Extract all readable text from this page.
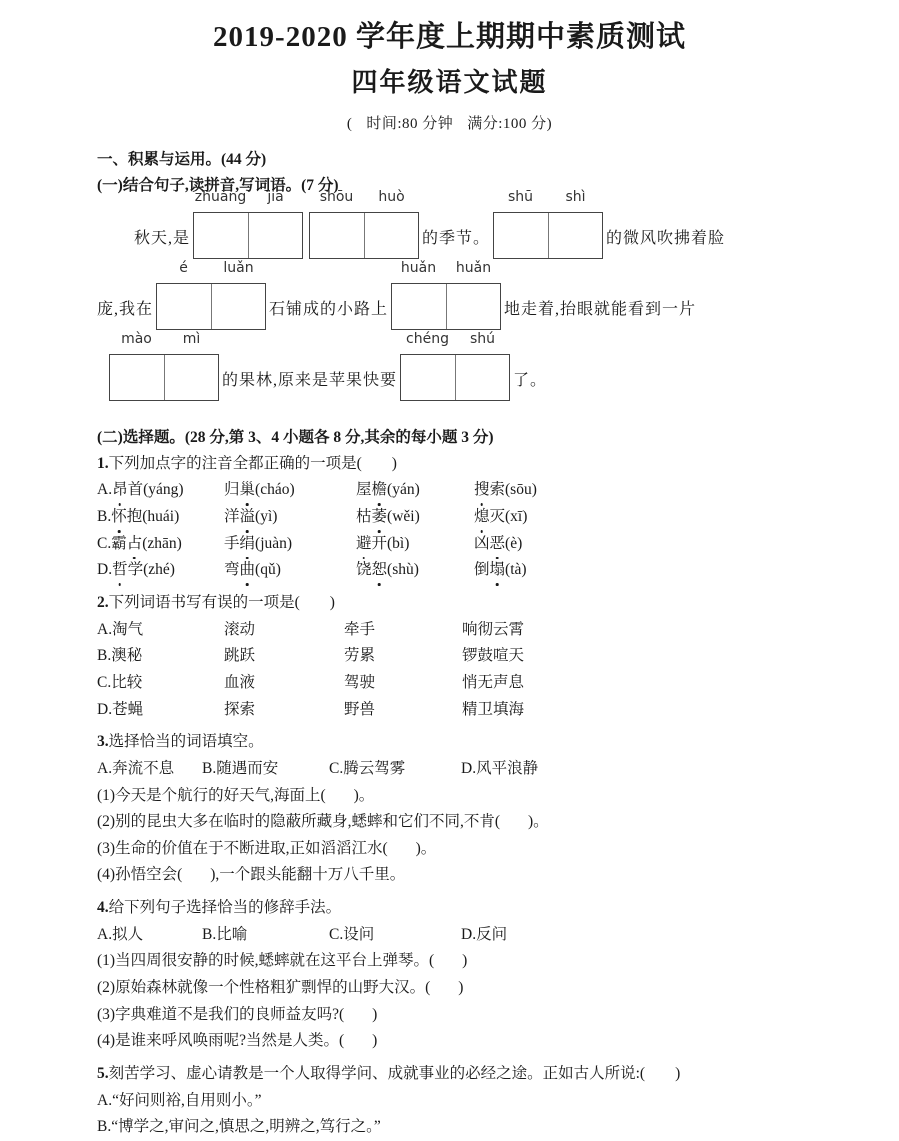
2019-2020 学年度上期期中素质测试
四年级语文试题
( 时间:80 分钟 满分:100 分)
一、积累与运用。(44 分)
(一)结合句子,读拼音,写词语。(7 分)
秋天,是
zhuāng	jia	shōu	huò
的季节。
shū	shì
的微风吹拂着脸
庞,我在
é	luǎn
石铺成的小路上
huǎn	huǎn
地走着,抬眼就能看到一片
mào	mì
的果林,原来是苹果快要
chéng	shú
了。
(二)选择题。(28 分,第 3、4 小题各 8 分,其余的每小题 3 分)
1.下列加点字的注音全都正确的一项是( )
A.昂首(yáng)	归巢(cháo)	屋檐(yán)	搜索(sōu)
B.怀抱(huái)	洋溢(yì)	枯萎(wěi)	熄灭(xī)
C.霸占(zhān)	手绢(juàn)	避开(bì)	凶恶(è)
D.哲学(zhé)	弯曲(qǔ)	饶恕(shù)	倒塌(tà)
2.下列词语书写有误的一项是( )
A.淘气	滚动	牵手	响彻云霄
B.澳秘	跳跃	劳累	锣鼓喧天
C.比较	血液	驾驶	悄无声息
D.苍蝇	探索	野兽	精卫填海
3.选择恰当的词语填空。
A.奔流不息 B.随遇而安	C.腾云驾雾	D.风平浪静
(1)今天是个航行的好天气,海面上( )。
(2)别的昆虫大多在临时的隐蔽所藏身,蟋蟀和它们不同,不肯( )。
(3)生命的价值在于不断进取,正如滔滔江水( )。
(4)孙悟空会( ),一个跟头能翻十万八千里。
4.给下列句子选择恰当的修辞手法。
A.拟人	B.比喻	C.设问	D.反问
(1)当四周很安静的时候,蟋蟀就在这平台上弹琴。( )
(2)原始森林就像一个性格粗犷剽悍的山野大汉。( )
(3)字典难道不是我们的良师益友吗?( )
(4)是谁来呼风唤雨呢?当然是人类。( )
5.刻苦学习、虚心请教是一个人取得学问、成就事业的必经之途。正如古人所说:( )
A.“好问则裕,自用则小。”
B.“博学之,审问之,慎思之,明辨之,笃行之。”
